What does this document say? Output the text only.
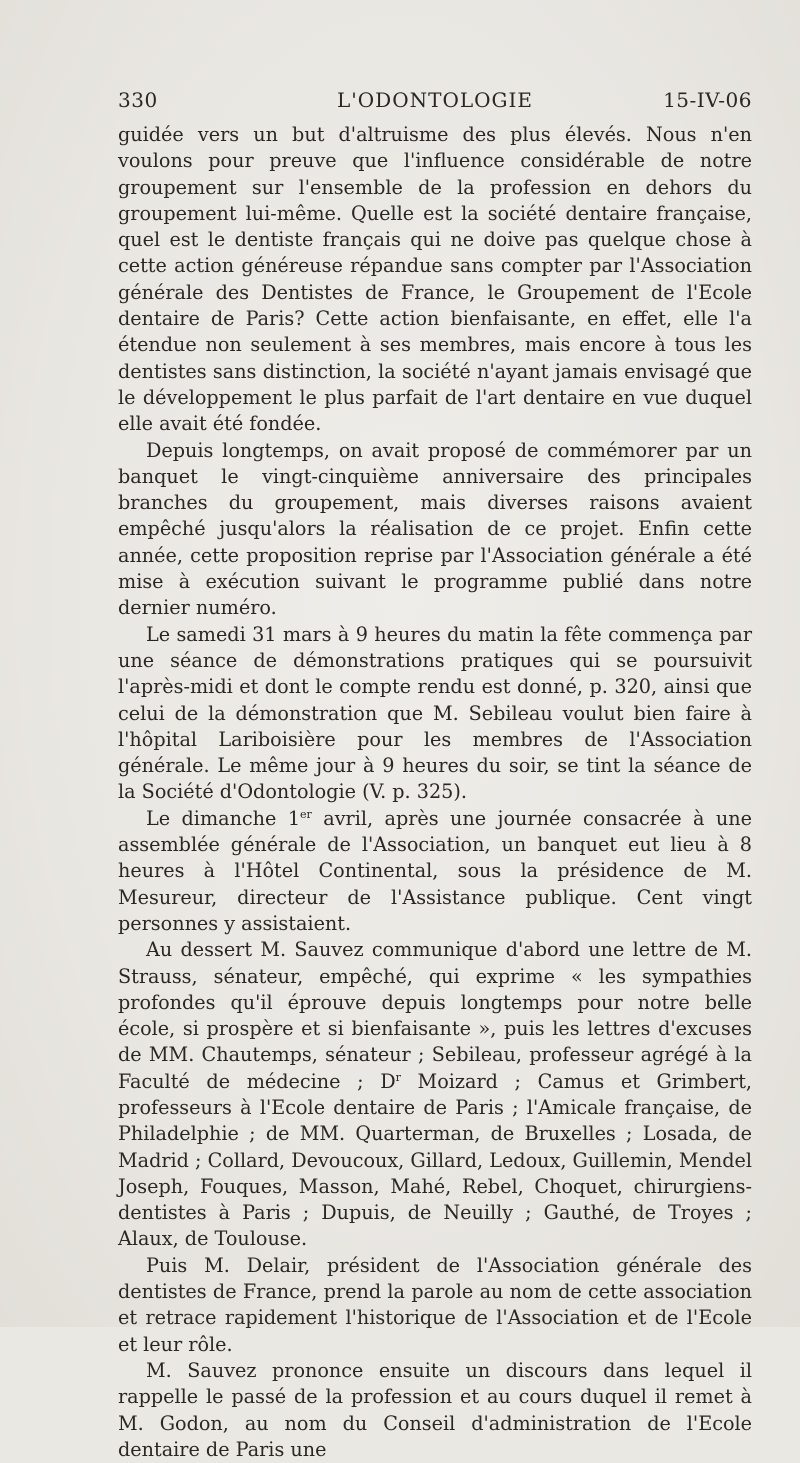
330	L'ODONTOLOGIE	15-IV-06

guidée vers un but d'altruisme des plus élevés. Nous n'en voulons pour preuve que l'influence considérable de notre groupement sur l'ensemble de la profession en dehors du groupement lui-même. Quelle est la société dentaire française, quel est le dentiste français qui ne doive pas quelque chose à cette action généreuse répandue sans compter par l'Association générale des Dentistes de France, le Groupement de l'Ecole dentaire de Paris? Cette action bienfaisante, en effet, elle l'a étendue non seulement à ses membres, mais encore à tous les dentistes sans distinction, la société n'ayant jamais envisagé que le développement le plus parfait de l'art dentaire en vue duquel elle avait été fondée.

Depuis longtemps, on avait proposé de commémorer par un banquet le vingt-cinquième anniversaire des principales branches du groupement, mais diverses raisons avaient empêché jusqu'alors la réalisation de ce projet. Enfin cette année, cette proposition reprise par l'Association générale a été mise à exécution suivant le programme publié dans notre dernier numéro.

Le samedi 31 mars à 9 heures du matin la fête commença par une séance de démonstrations pratiques qui se poursuivit l'après-midi et dont le compte rendu est donné, p. 320, ainsi que celui de la démonstration que M. Sebileau voulut bien faire à l'hôpital Lariboisière pour les membres de l'Association générale. Le même jour à 9 heures du soir, se tint la séance de la Société d'Odontologie (V. p. 325).

Le dimanche 1er avril, après une journée consacrée à une assemblée générale de l'Association, un banquet eut lieu à 8 heures à l'Hôtel Continental, sous la présidence de M. Mesureur, directeur de l'Assistance publique. Cent vingt personnes y assistaient.

Au dessert M. Sauvez communique d'abord une lettre de M. Strauss, sénateur, empêché, qui exprime « les sympathies profondes qu'il éprouve depuis longtemps pour notre belle école, si prospère et si bienfaisante », puis les lettres d'excuses de MM. Chautemps, sénateur ; Sebileau, professeur agrégé à la Faculté de médecine ; $D^r$ Moizard ; Camus et Grimbert, professeurs à l'Ecole dentaire de Paris ; l'Amicale française, de Philadelphie ; de MM. Quarterman, de Bruxelles ; Losada, de Madrid ; Collard, Devoucoux, Gillard, Ledoux, Guillemin, Mendel Joseph, Fouques, Masson, Mahé, Rebel, Choquet, chirurgiens-dentistes à Paris ; Dupuis, de Neuilly ; Gauthé, de Troyes ; Alaux, de Toulouse.

Puis M. Delair, président de l'Association générale des dentistes de France, prend la parole au nom de cette association et retrace rapidement l'historique de l'Association et de l'Ecole et leur rôle.

M. Sauvez prononce ensuite un discours dans lequel il rappelle le passé de la profession et au cours duquel il remet à M. Godon, au nom du Conseil d'administration de l'Ecole dentaire de Paris une
